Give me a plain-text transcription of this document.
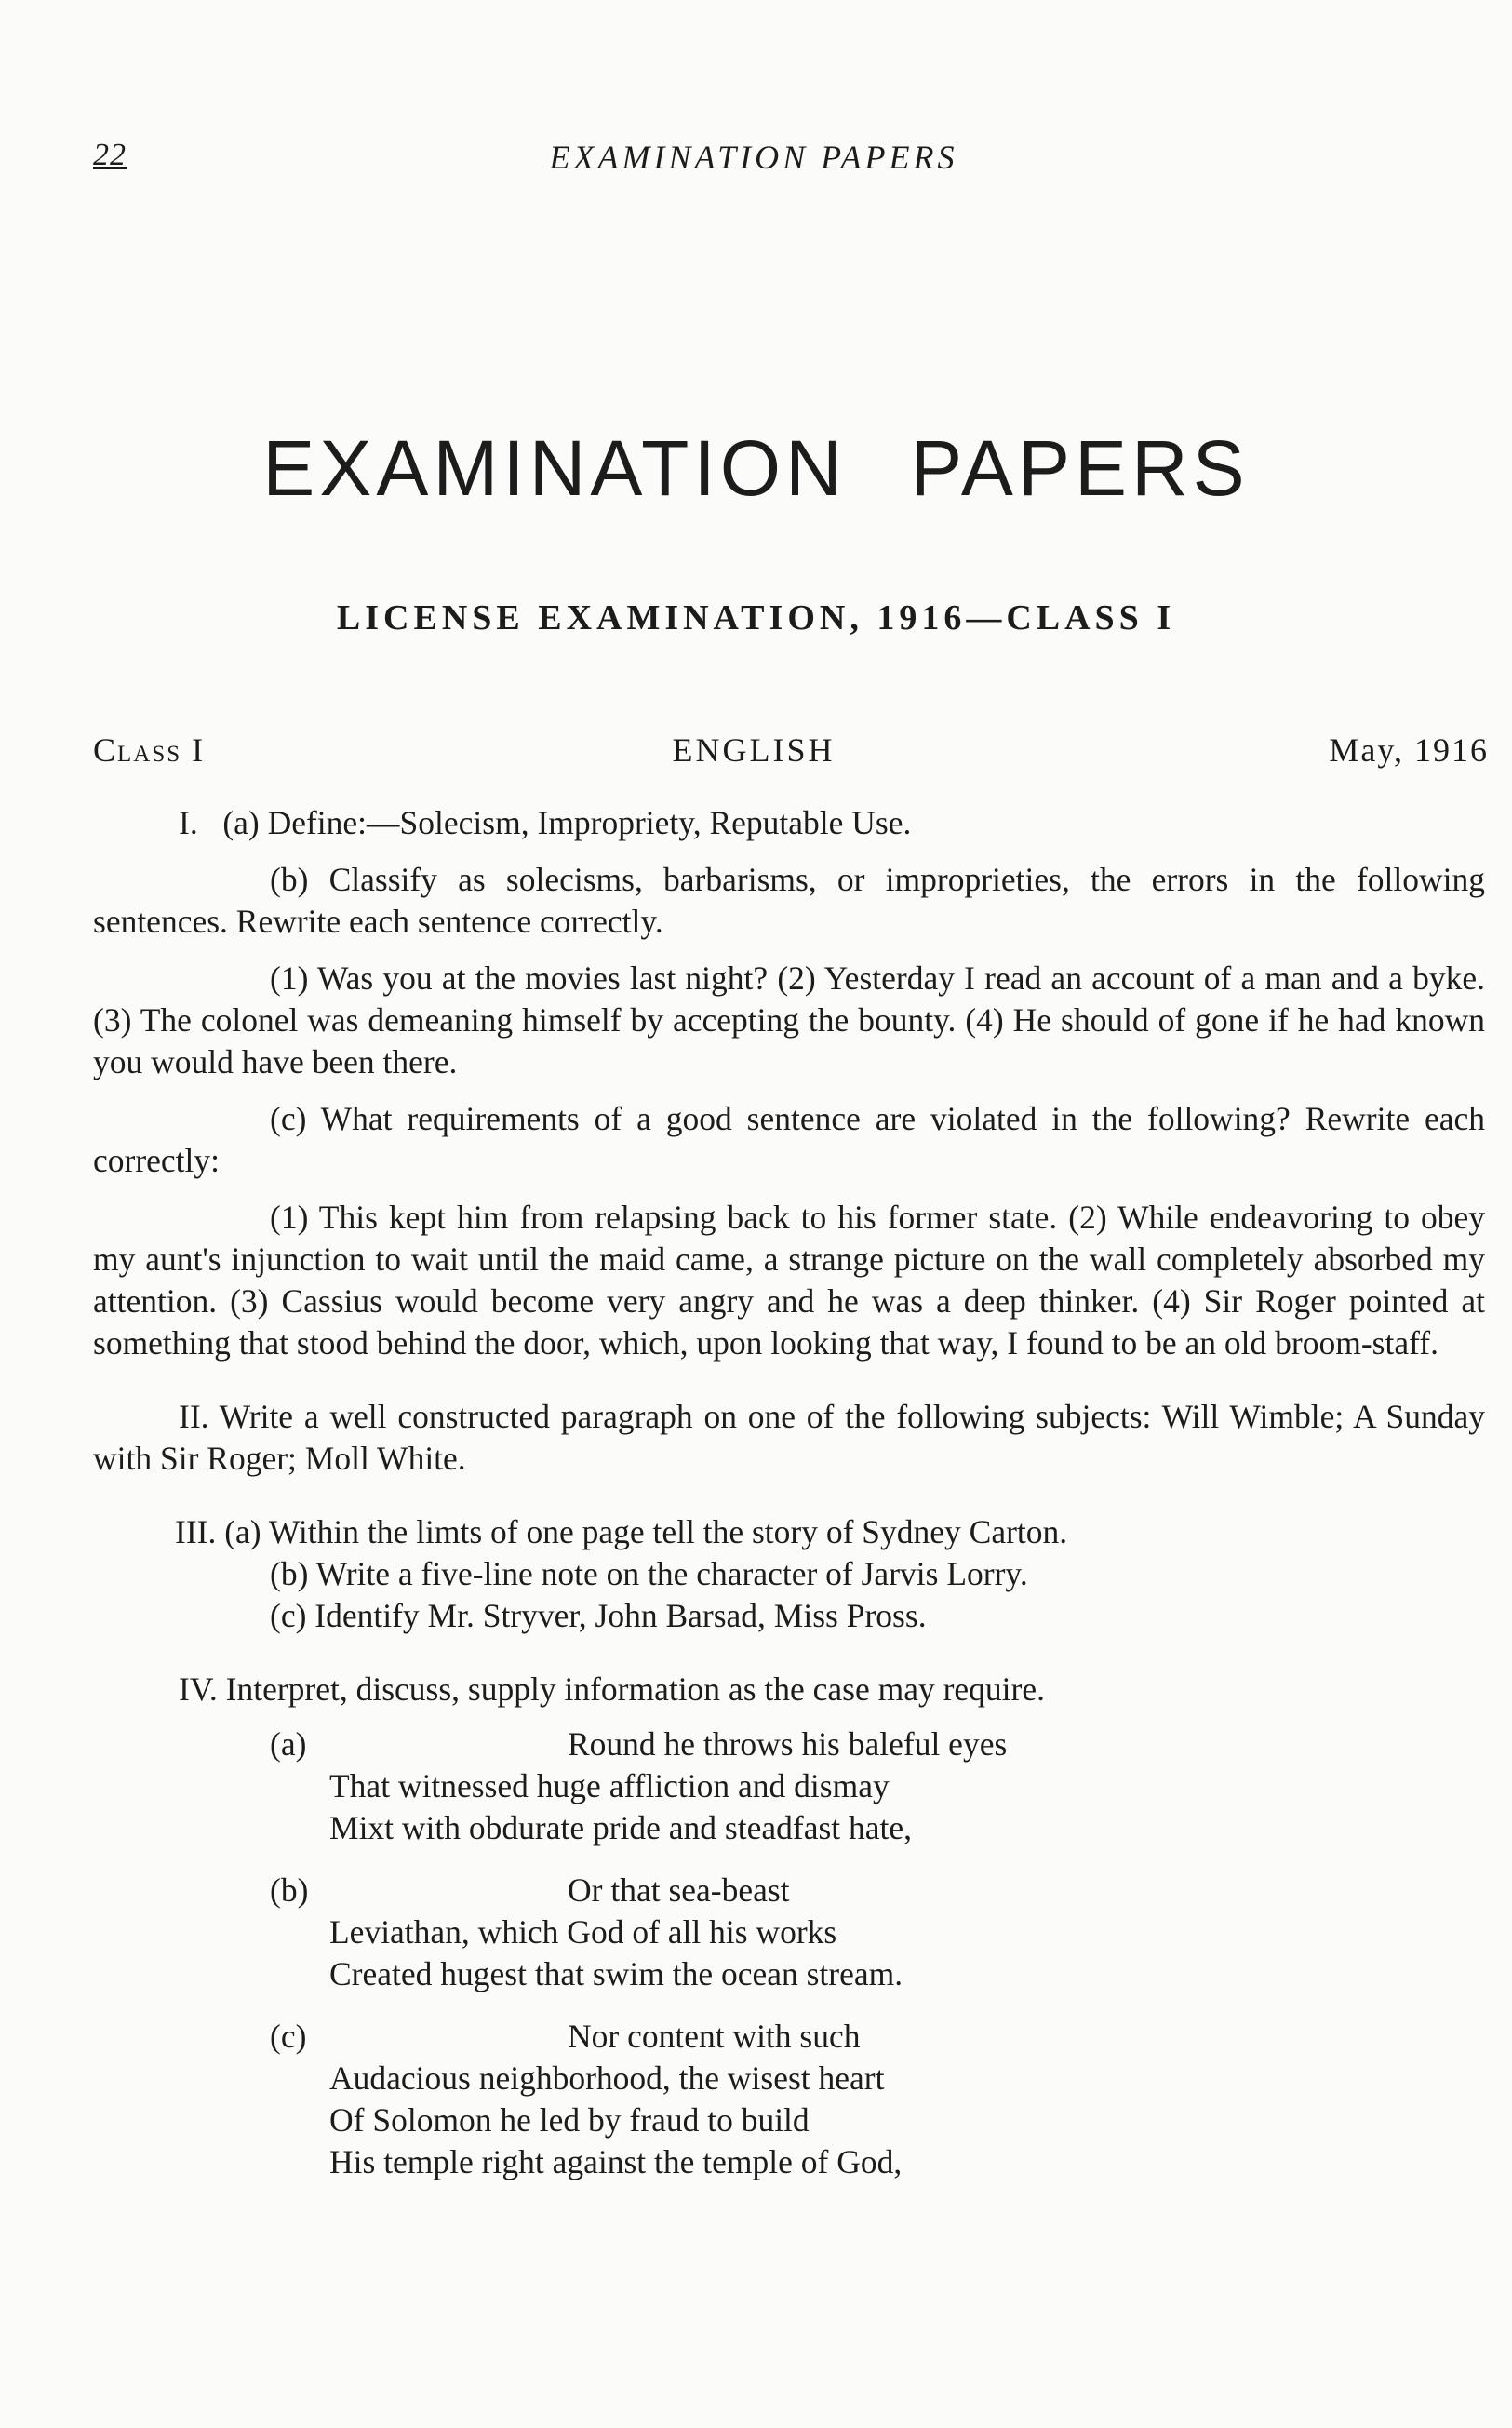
22	EXAMINATION PAPERS
EXAMINATION PAPERS
LICENSE EXAMINATION, 1916—CLASS I
Class I	ENGLISH	May, 1916

I.   (a) Define:—Solecism, Impropriety, Reputable Use.

(b) Classify as solecisms, barbarisms, or improprieties, the errors in the following sentences. Rewrite each sentence correctly.

(1) Was you at the movies last night? (2) Yesterday I read an account of a man and a byke. (3) The colonel was demeaning himself by accepting the bounty. (4) He should of gone if he had known you would have been there.

(c) What requirements of a good sentence are violated in the following? Rewrite each correctly:

(1) This kept him from relapsing back to his former state. (2) While endeavoring to obey my aunt's injunction to wait until the maid came, a strange picture on the wall completely absorbed my attention. (3) Cassius would become very angry and he was a deep thinker. (4) Sir Roger pointed at something that stood behind the door, which, upon looking that way, I found to be an old broom-staff.

II. Write a well constructed paragraph on one of the following subjects: Will Wimble; A Sunday with Sir Roger; Moll White.

III. (a) Within the limts of one page tell the story of Sydney Carton.

(b) Write a five-line note on the character of Jarvis Lorry.

(c) Identify Mr. Stryver, John Barsad, Miss Pross.

IV. Interpret, discuss, supply information as the case may require.

(a)	Round he throws his baleful eyes
That witnessed huge affliction and dismay
Mixt with obdurate pride and steadfast hate,
(b)	Or that sea-beast
Leviathan, which God of all his works
Created hugest that swim the ocean stream.
(c)	Nor content with such
Audacious neighborhood, the wisest heart
Of Solomon he led by fraud to build
His temple right against the temple of God,
